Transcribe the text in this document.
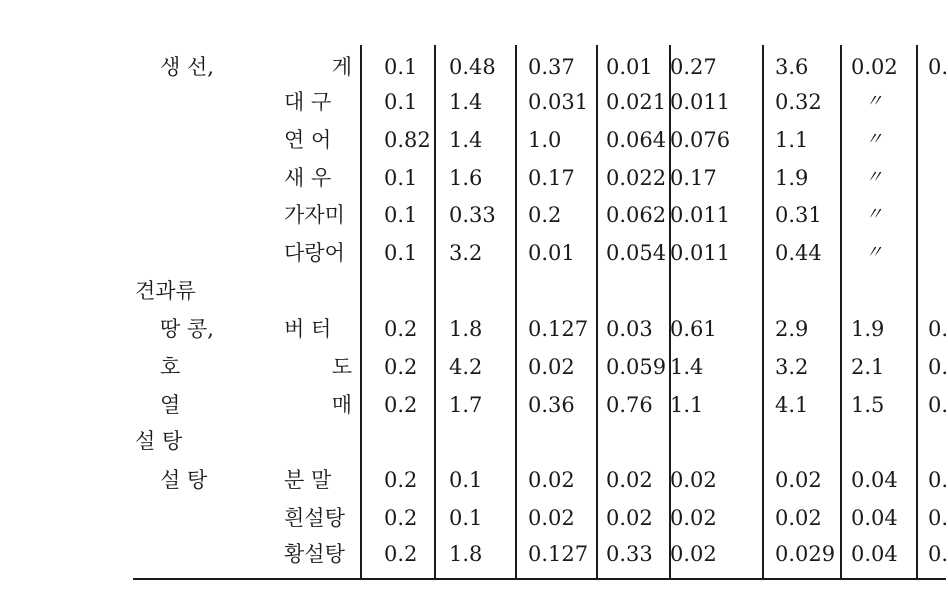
생 선,	게 0.1 0.48 0.37 0.01 0.27	3.6 0.02 0.
대 구	0.1 1.4 0.031 0.021 0.011 0.32 〃
연 어	0.82 1.4 1.0 0.064 0.076 1.1	〃
새 우	0.1 1.6 0.17 0.022 0.17	1.9	〃
가자미 0.1 0.33 0.2 0.062 0.011 0.31 〃
다랑어 0.1 3.2 0.01 0.054 0.011 0.44 〃
견과류
땅 콩,	버 터	0.2 1.8 0.127 0.03 0.61	2.9 1.9 0.
호	도 0.2 4.2 0.02 0.059 1.4	3.2 2.1 0.
열	매 0.2 1.7 0.36 0.76 1.1	4.1 1.5 0.
설 탕
설 탕	분 말	0.2 0.1 0.02 0.02 0.02	0.02 0.04 0.
흰설탕 0.2 0.1 0.02 0.02 0.02	0.02 0.04 0.
황설탕 0.2 1.8 0.127 0.33 0.02	0.029 0.04 0.
